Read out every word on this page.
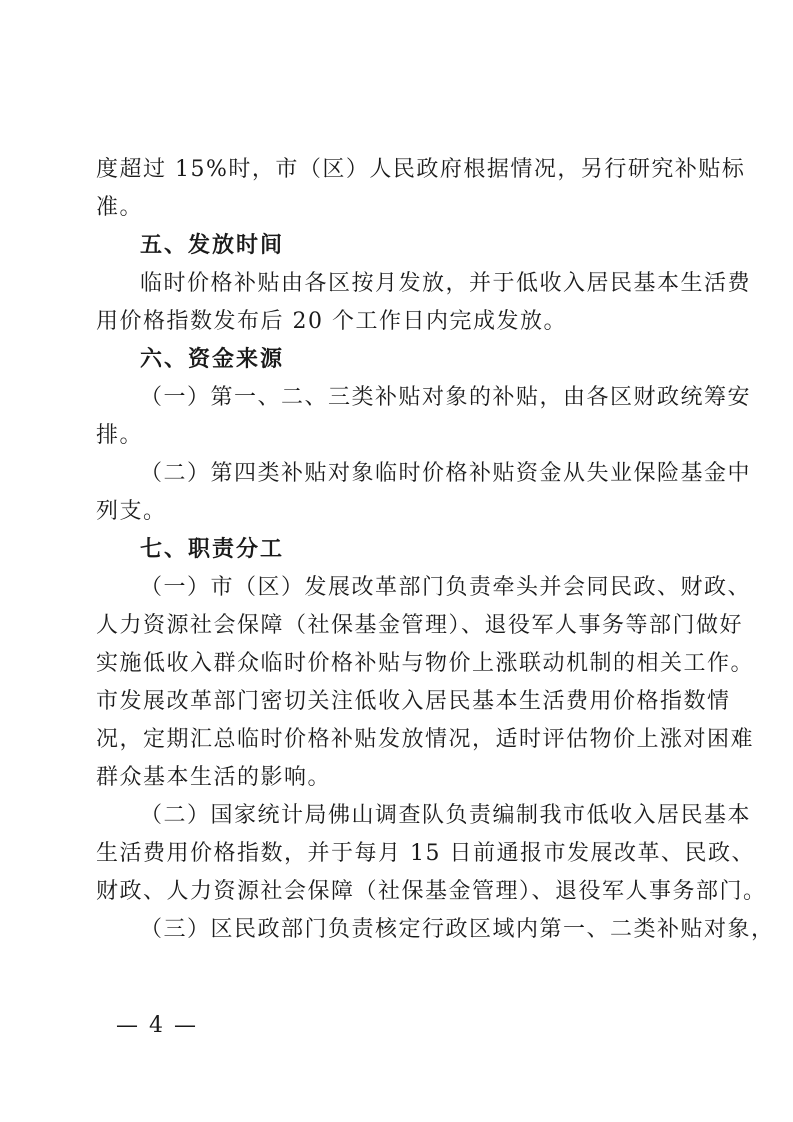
度超过 15%时，市（区）人民政府根据情况，另行研究补贴标
准。
五、发放时间
临时价格补贴由各区按月发放，并于低收入居民基本生活费
用价格指数发布后 20 个工作日内完成发放。
六、资金来源
（一）第一、二、三类补贴对象的补贴，由各区财政统筹安
排。
（二）第四类补贴对象临时价格补贴资金从失业保险基金中
列支。
七、职责分工
（一）市（区）发展改革部门负责牵头并会同民政、财政、
人力资源社会保障（社保基金管理）、退役军人事务等部门做好
实施低收入群众临时价格补贴与物价上涨联动机制的相关工作。
市发展改革部门密切关注低收入居民基本生活费用价格指数情
况，定期汇总临时价格补贴发放情况，适时评估物价上涨对困难
群众基本生活的影响。
（二）国家统计局佛山调查队负责编制我市低收入居民基本
生活费用价格指数，并于每月 15 日前通报市发展改革、民政、
财政、人力资源社会保障（社保基金管理）、退役军人事务部门。
（三）区民政部门负责核定行政区域内第一、二类补贴对象，
— 4 —
